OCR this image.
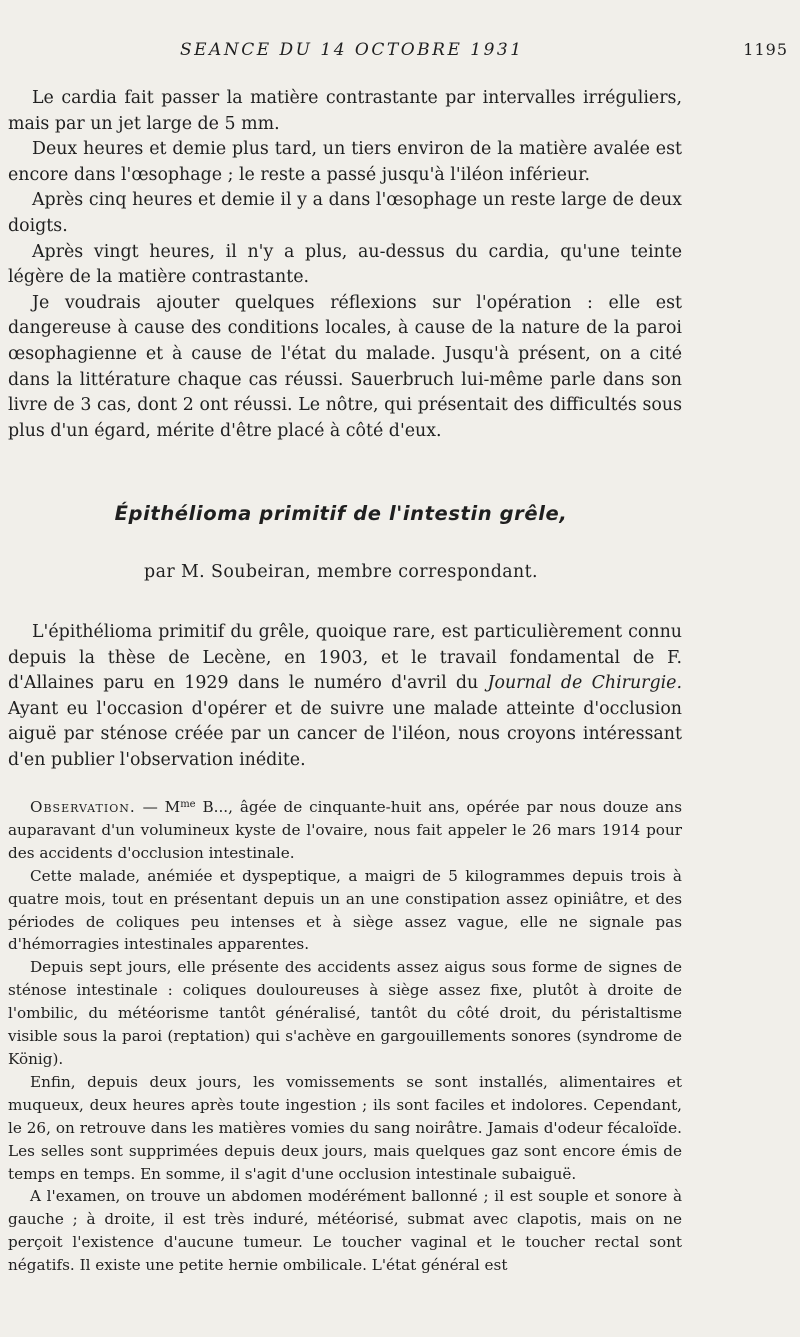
SEANCE DU 14 OCTOBRE 1931	1195

Le cardia fait passer la matière contrastante par intervalles irréguliers, mais par un jet large de 5 mm.

Deux heures et demie plus tard, un tiers environ de la matière avalée est encore dans l'œsophage ; le reste a passé jusqu'à l'iléon inférieur.

Après cinq heures et demie il y a dans l'œsophage un reste large de deux doigts.

Après vingt heures, il n'y a plus, au-dessus du cardia, qu'une teinte légère de la matière contrastante.

Je voudrais ajouter quelques réflexions sur l'opération : elle est dangereuse à cause des conditions locales, à cause de la nature de la paroi œsophagienne et à cause de l'état du malade. Jusqu'à présent, on a cité dans la littérature chaque cas réussi. Sauerbruch lui-même parle dans son livre de 3 cas, dont 2 ont réussi. Le nôtre, qui présentait des difficultés sous plus d'un égard, mérite d'être placé à côté d'eux.

Épithélioma primitif de l'intestin grêle,
par M. Soubeiran, membre correspondant.

L'épithélioma primitif du grêle, quoique rare, est particulièrement connu depuis la thèse de Lecène, en 1903, et le travail fondamental de F. d'Allaines paru en 1929 dans le numéro d'avril du Journal de Chirurgie. Ayant eu l'occasion d'opérer et de suivre une malade atteinte d'occlusion aiguë par sténose créée par un cancer de l'iléon, nous croyons intéressant d'en publier l'observation inédite.

Observation. — $M^{me}$ B..., âgée de cinquante-huit ans, opérée par nous douze ans auparavant d'un volumineux kyste de l'ovaire, nous fait appeler le 26 mars 1914 pour des accidents d'occlusion intestinale.

Cette malade, anémiée et dyspeptique, a maigri de 5 kilogrammes depuis trois à quatre mois, tout en présentant depuis un an une constipation assez opiniâtre, et des périodes de coliques peu intenses et à siège assez vague, elle ne signale pas d'hémorragies intestinales apparentes.

Depuis sept jours, elle présente des accidents assez aigus sous forme de signes de sténose intestinale : coliques douloureuses à siège assez fixe, plutôt à droite de l'ombilic, du météorisme tantôt généralisé, tantôt du côté droit, du péristaltisme visible sous la paroi (reptation) qui s'achève en gargouillements sonores (syndrome de König).

Enfin, depuis deux jours, les vomissements se sont installés, alimentaires et muqueux, deux heures après toute ingestion ; ils sont faciles et indolores. Cependant, le 26, on retrouve dans les matières vomies du sang noirâtre. Jamais d'odeur fécaloïde. Les selles sont supprimées depuis deux jours, mais quelques gaz sont encore émis de temps en temps. En somme, il s'agit d'une occlusion intestinale subaiguë.

A l'examen, on trouve un abdomen modérément ballonné ; il est souple et sonore à gauche ; à droite, il est très induré, météorisé, submat avec clapotis, mais on ne perçoit l'existence d'aucune tumeur. Le toucher vaginal et le toucher rectal sont négatifs. Il existe une petite hernie ombilicale. L'état général est
